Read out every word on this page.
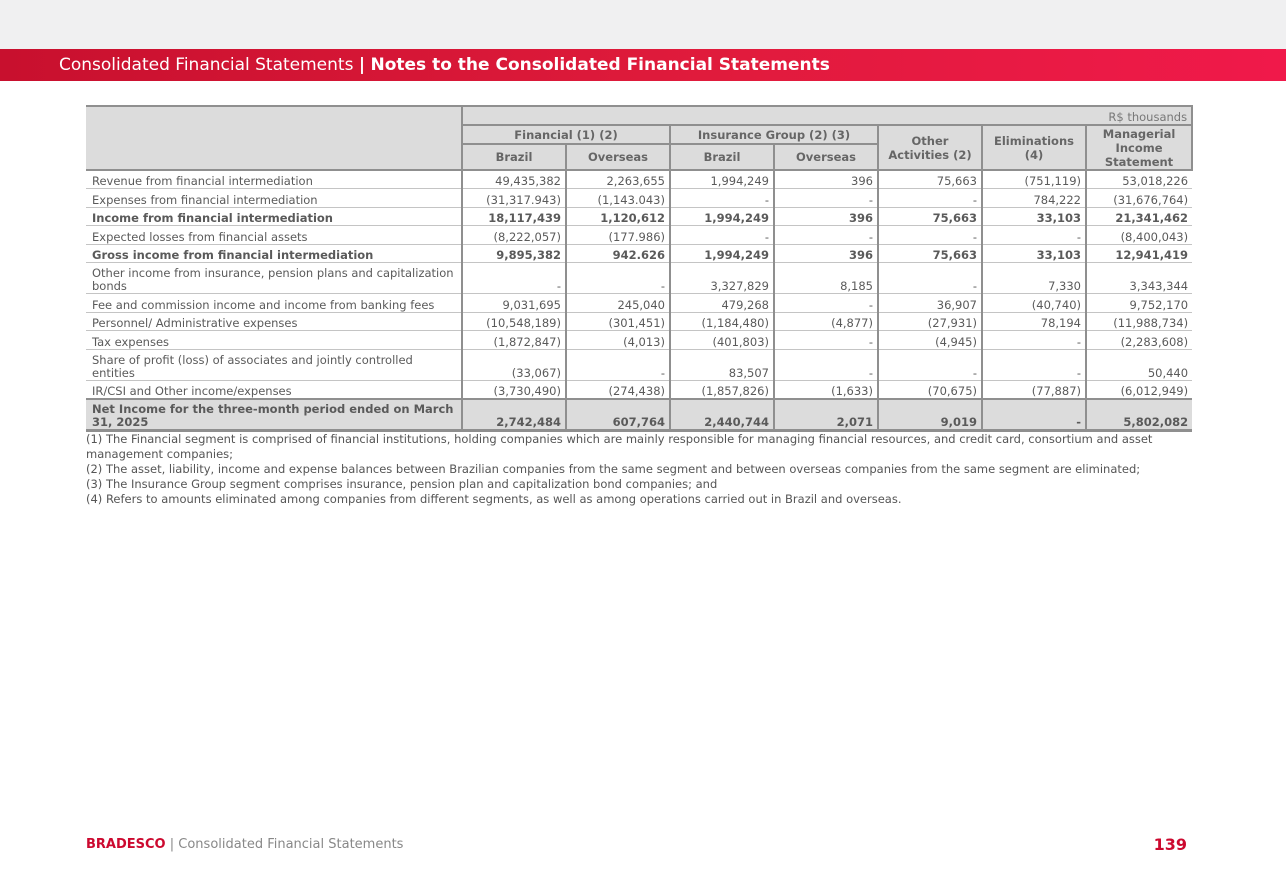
Consolidated Financial Statements | Notes to the Consolidated Financial Statements
	R$ thousands						
	Financial (1) (2)		Insurance Group (2) (3)		Other Activities (2)	Eliminations (4)	Managerial Income Statement
	Brazil	Overseas	Brazil	Overseas			
Revenue from financial intermediation	49,435,382	2,263,655	1,994,249	396	75,663	(751,119)	53,018,226
Expenses from financial intermediation	(31,317.943)	(1,143.043)	-	-	-	784,222	(31,676,764)
Income from financial intermediation	18,117,439	1,120,612	1,994,249	396	75,663	33,103	21,341,462
Expected losses from financial assets	(8,222,057)	(177.986)	-	-	-	-	(8,400,043)
Gross income from financial intermediation	9,895,382	942.626	1,994,249	396	75,663	33,103	12,941,419
Other income from insurance, pension plans and capitalization bonds	-	-	3,327,829	8,185	-	7,330	3,343,344
Fee and commission income and income from banking fees	9,031,695	245,040	479,268	-	36,907	(40,740)	9,752,170
Personnel/ Administrative expenses	(10,548,189)	(301,451)	(1,184,480)	(4,877)	(27,931)	78,194	(11,988,734)
Tax expenses	(1,872,847)	(4,013)	(401,803)	-	(4,945)	-	(2,283,608)
Share of profit (loss) of associates and jointly controlled entities	(33,067)	-	83,507	-	-	-	50,440
IR/CSI and Other income/expenses	(3,730,490)	(274,438)	(1,857,826)	(1,633)	(70,675)	(77,887)	(6,012,949)
Net Income for the three-month period ended on March 31, 2025	2,742,484	607,764	2,440,744	2,071	9,019	-	5,802,082

(1) The Financial segment is comprised of financial institutions, holding companies which are mainly responsible for managing financial resources, and credit card, consortium and asset management companies;

(2) The asset, liability, income and expense balances between Brazilian companies from the same segment and between overseas companies from the same segment are eliminated;

(3) The Insurance Group segment comprises insurance, pension plan and capitalization bond companies; and

(4) Refers to amounts eliminated among companies from different segments, as well as among operations carried out in Brazil and overseas.

BRADESCO | Consolidated Financial Statements	139
